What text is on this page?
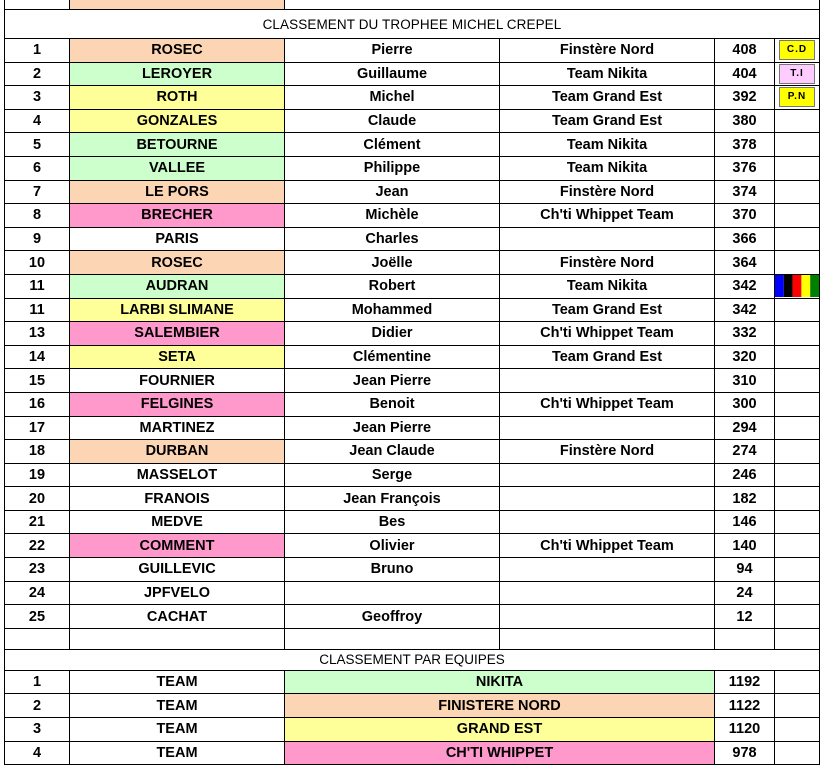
CLASSEMENT DU TROPHEE MICHEL CREPEL					
1	ROSEC	Pierre	Finstère Nord	408	C.D
2	LEROYER	Guillaume	Team Nikita	404	T.I
3	ROTH	Michel	Team Grand Est	392	P.N
4	GONZALES	Claude	Team Grand Est	380	
5	BETOURNE	Clément	Team Nikita	378	
6	VALLEE	Philippe	Team Nikita	376	
7	LE PORS	Jean	Finstère Nord	374	
8	BRECHER	Michèle	Ch'ti Whippet Team	370	
9	PARIS	Charles		366	
10	ROSEC	Joëlle	Finstère Nord	364	
11	AUDRAN	Robert	Team Nikita	342	

11	LARBI SLIMANE	Mohammed	Team Grand Est	342	
13	SALEMBIER	Didier	Ch'ti Whippet Team	332	
14	SETA	Clémentine	Team Grand Est	320	
15	FOURNIER	Jean Pierre		310	
16	FELGINES	Benoit	Ch'ti Whippet Team	300	
17	MARTINEZ	Jean Pierre		294	
18	DURBAN	Jean Claude	Finstère Nord	274	
19	MASSELOT	Serge		246	
20	FRANOIS	Jean François		182	
21	MEDVE	Bes		146	
22	COMMENT	Olivier	Ch'ti Whippet Team	140	
23	GUILLEVIC	Bruno		94	
24	JPFVELO			24	
25	CACHAT	Geoffroy		12	

CLASSEMENT PAR EQUIPES					
1	TEAM	NIKITA		1192	
2	TEAM	FINISTERE NORD		1122	
3	TEAM	GRAND EST		1120	
4	TEAM	CH'TI WHIPPET		978	
